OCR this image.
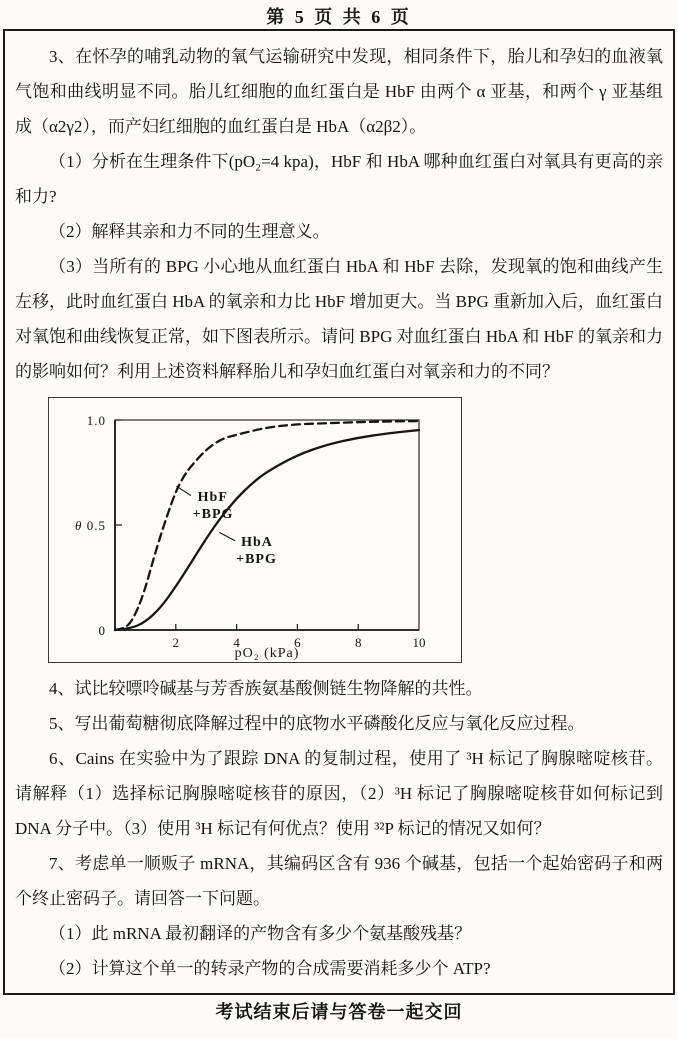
第 5 页 共 6 页

3、在怀孕的哺乳动物的氧气运输研究中发现，相同条件下，胎儿和孕妇的血液氧气饱和曲线明显不同。胎儿红细胞的血红蛋白是 HbF 由两个 α 亚基，和两个 γ 亚基组成（α2γ2），而产妇红细胞的血红蛋白是 HbA（α2β2）。

（1）分析在生理条件下(pO₂=4 kpa)，HbF 和 HbA 哪种血红蛋白对氧具有更高的亲和力?

（2）解释其亲和力不同的生理意义。

（3）当所有的 BPG 小心地从血红蛋白 HbA 和 HbF 去除，发现氧的饱和曲线产生左移，此时血红蛋白 HbA 的氧亲和力比 HbF 增加更大。当 BPG 重新加入后，血红蛋白对氧饱和曲线恢复正常，如下图表所示。请问 BPG 对血红蛋白 HbA 和 HbF 的氧亲和力的影响如何？利用上述资料解释胎儿和孕妇血红蛋白对氧亲和力的不同？

0
0.5
1.0
2	4	6	8	10
θ
pO₂ (kPa)
HbF
+BPG
HbA
+BPG

4、试比较嘌呤碱基与芳香族氨基酸侧链生物降解的共性。

5、写出葡萄糖彻底降解过程中的底物水平磷酸化反应与氧化反应过程。

6、Cains 在实验中为了跟踪 DNA 的复制过程，使用了 ³H 标记了胸腺嘧啶核苷。请解释（1）选择标记胸腺嘧啶核苷的原因，（2）³H 标记了胸腺嘧啶核苷如何标记到 DNA 分子中。（3）使用 ³H 标记有何优点？使用 ³²P 标记的情况又如何？

7、考虑单一顺贩子 mRNA，其编码区含有 936 个碱基，包括一个起始密码子和两个终止密码子。请回答一下问题。

（1）此 mRNA 最初翻译的产物含有多少个氨基酸残基？

（2）计算这个单一的转录产物的合成需要消耗多少个 ATP?

考试结束后请与答卷一起交回
